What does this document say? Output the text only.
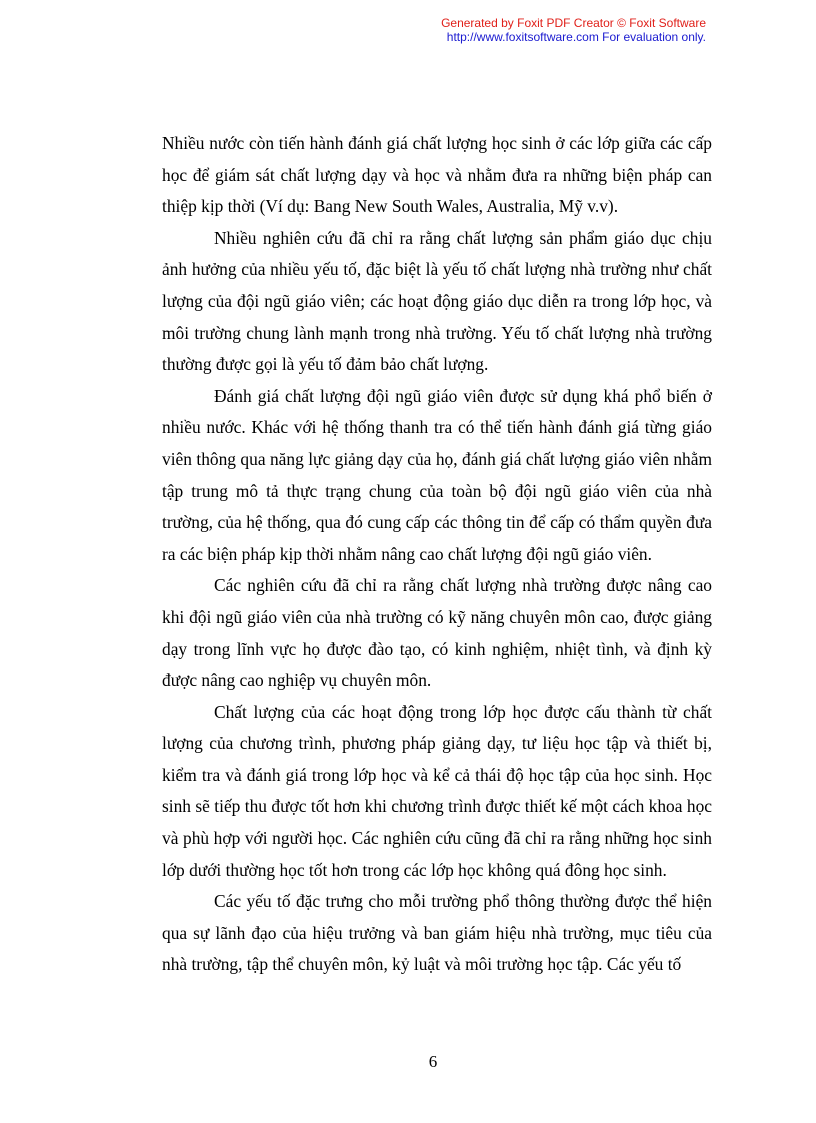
Generated by Foxit PDF Creator © Foxit Software
http://www.foxitsoftware.com For evaluation only.

Nhiều nước còn tiến hành đánh giá chất lượng học sinh ở các lớp giữa các cấp học để giám sát chất lượng dạy và học và nhằm đưa ra những biện pháp can thiệp kịp thời (Ví dụ: Bang New South Wales, Australia, Mỹ v.v).

Nhiều nghiên cứu đã chỉ ra rằng chất lượng sản phẩm giáo dục chịu ảnh hưởng của nhiều yếu tố, đặc biệt là yếu tố chất lượng nhà trường như chất lượng của đội ngũ giáo viên; các hoạt động giáo dục diễn ra trong lớp học, và môi trường chung lành mạnh trong nhà trường. Yếu tố chất lượng nhà trường thường được gọi là yếu tố đảm bảo chất lượng.

Đánh giá chất lượng đội ngũ giáo viên được sử dụng khá phổ biến ở nhiều nước. Khác với hệ thống thanh tra có thể tiến hành đánh giá từng giáo viên thông qua năng lực giảng dạy của họ, đánh giá chất lượng giáo viên nhằm tập trung mô tả thực trạng chung của toàn bộ đội ngũ giáo viên của nhà trường, của hệ thống, qua đó cung cấp các thông tin để cấp có thẩm quyền đưa ra các biện pháp kịp thời nhằm nâng cao chất lượng đội ngũ giáo viên.

Các nghiên cứu đã chỉ ra rằng chất lượng nhà trường được nâng cao khi đội ngũ giáo viên của nhà trường có kỹ năng chuyên môn cao, được giảng dạy trong lĩnh vực họ được đào tạo, có kinh nghiệm, nhiệt tình, và định kỳ được nâng cao nghiệp vụ chuyên môn.

Chất lượng của các hoạt động trong lớp học được cấu thành từ chất lượng của chương trình, phương pháp giảng dạy, tư liệu học tập và thiết bị, kiểm tra và đánh giá trong lớp học và kể cả thái độ học tập của học sinh. Học sinh sẽ tiếp thu được tốt hơn khi chương trình được thiết kế một cách khoa học và phù hợp với người học. Các nghiên cứu cũng đã chỉ ra rằng những học sinh lớp dưới thường học tốt hơn trong các lớp học không quá đông học sinh.

Các yếu tố đặc trưng cho mỗi trường phổ thông thường được thể hiện qua sự lãnh đạo của hiệu trưởng và ban giám hiệu nhà trường, mục tiêu của nhà trường, tập thể chuyên môn, kỷ luật và môi trường học tập. Các yếu tố

6
